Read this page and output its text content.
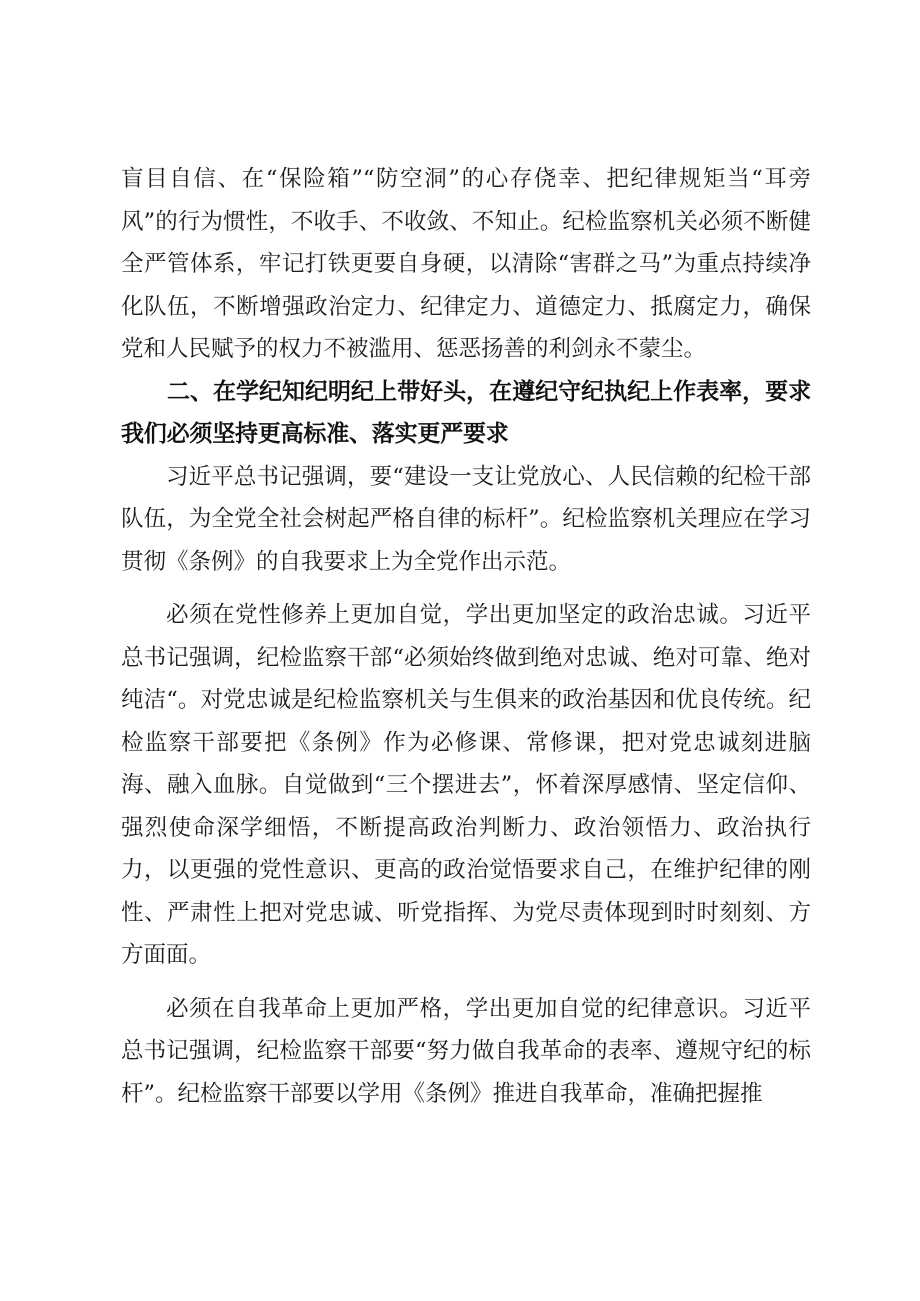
盲目自信、在“保险箱”“防空洞”的心存侥幸、把纪律规矩当“耳旁风”的行为惯性，不收手、不收敛、不知止。纪检监察机关必须不断健全严管体系，牢记打铁更要自身硬，以清除“害群之马”为重点持续净化队伍，不断增强政治定力、纪律定力、道德定力、抵腐定力，确保党和人民赋予的权力不被滥用、惩恶扬善的利剑永不蒙尘。

二、在学纪知纪明纪上带好头，在遵纪守纪执纪上作表率，要求我们必须坚持更高标准、落实更严要求

习近平总书记强调，要“建设一支让党放心、人民信赖的纪检干部队伍，为全党全社会树起严格自律的标杆”。纪检监察机关理应在学习贯彻《条例》的自我要求上为全党作出示范。

必须在党性修养上更加自觉，学出更加坚定的政治忠诚。习近平总书记强调，纪检监察干部“必须始终做到绝对忠诚、绝对可靠、绝对纯洁“。对党忠诚是纪检监察机关与生俱来的政治基因和优良传统。纪检监察干部要把《条例》作为必修课、常修课，把对党忠诚刻进脑海、融入血脉。自觉做到“三个摆进去”，怀着深厚感情、坚定信仰、强烈使命深学细悟，不断提高政治判断力、政治领悟力、政治执行力，以更强的党性意识、更高的政治觉悟要求自己，在维护纪律的刚性、严肃性上把对党忠诚、听党指挥、为党尽责体现到时时刻刻、方方面面。

必须在自我革命上更加严格，学出更加自觉的纪律意识。习近平总书记强调，纪检监察干部要“努力做自我革命的表率、遵规守纪的标杆”。纪检监察干部要以学用《条例》推进自我革命，准确把握推
